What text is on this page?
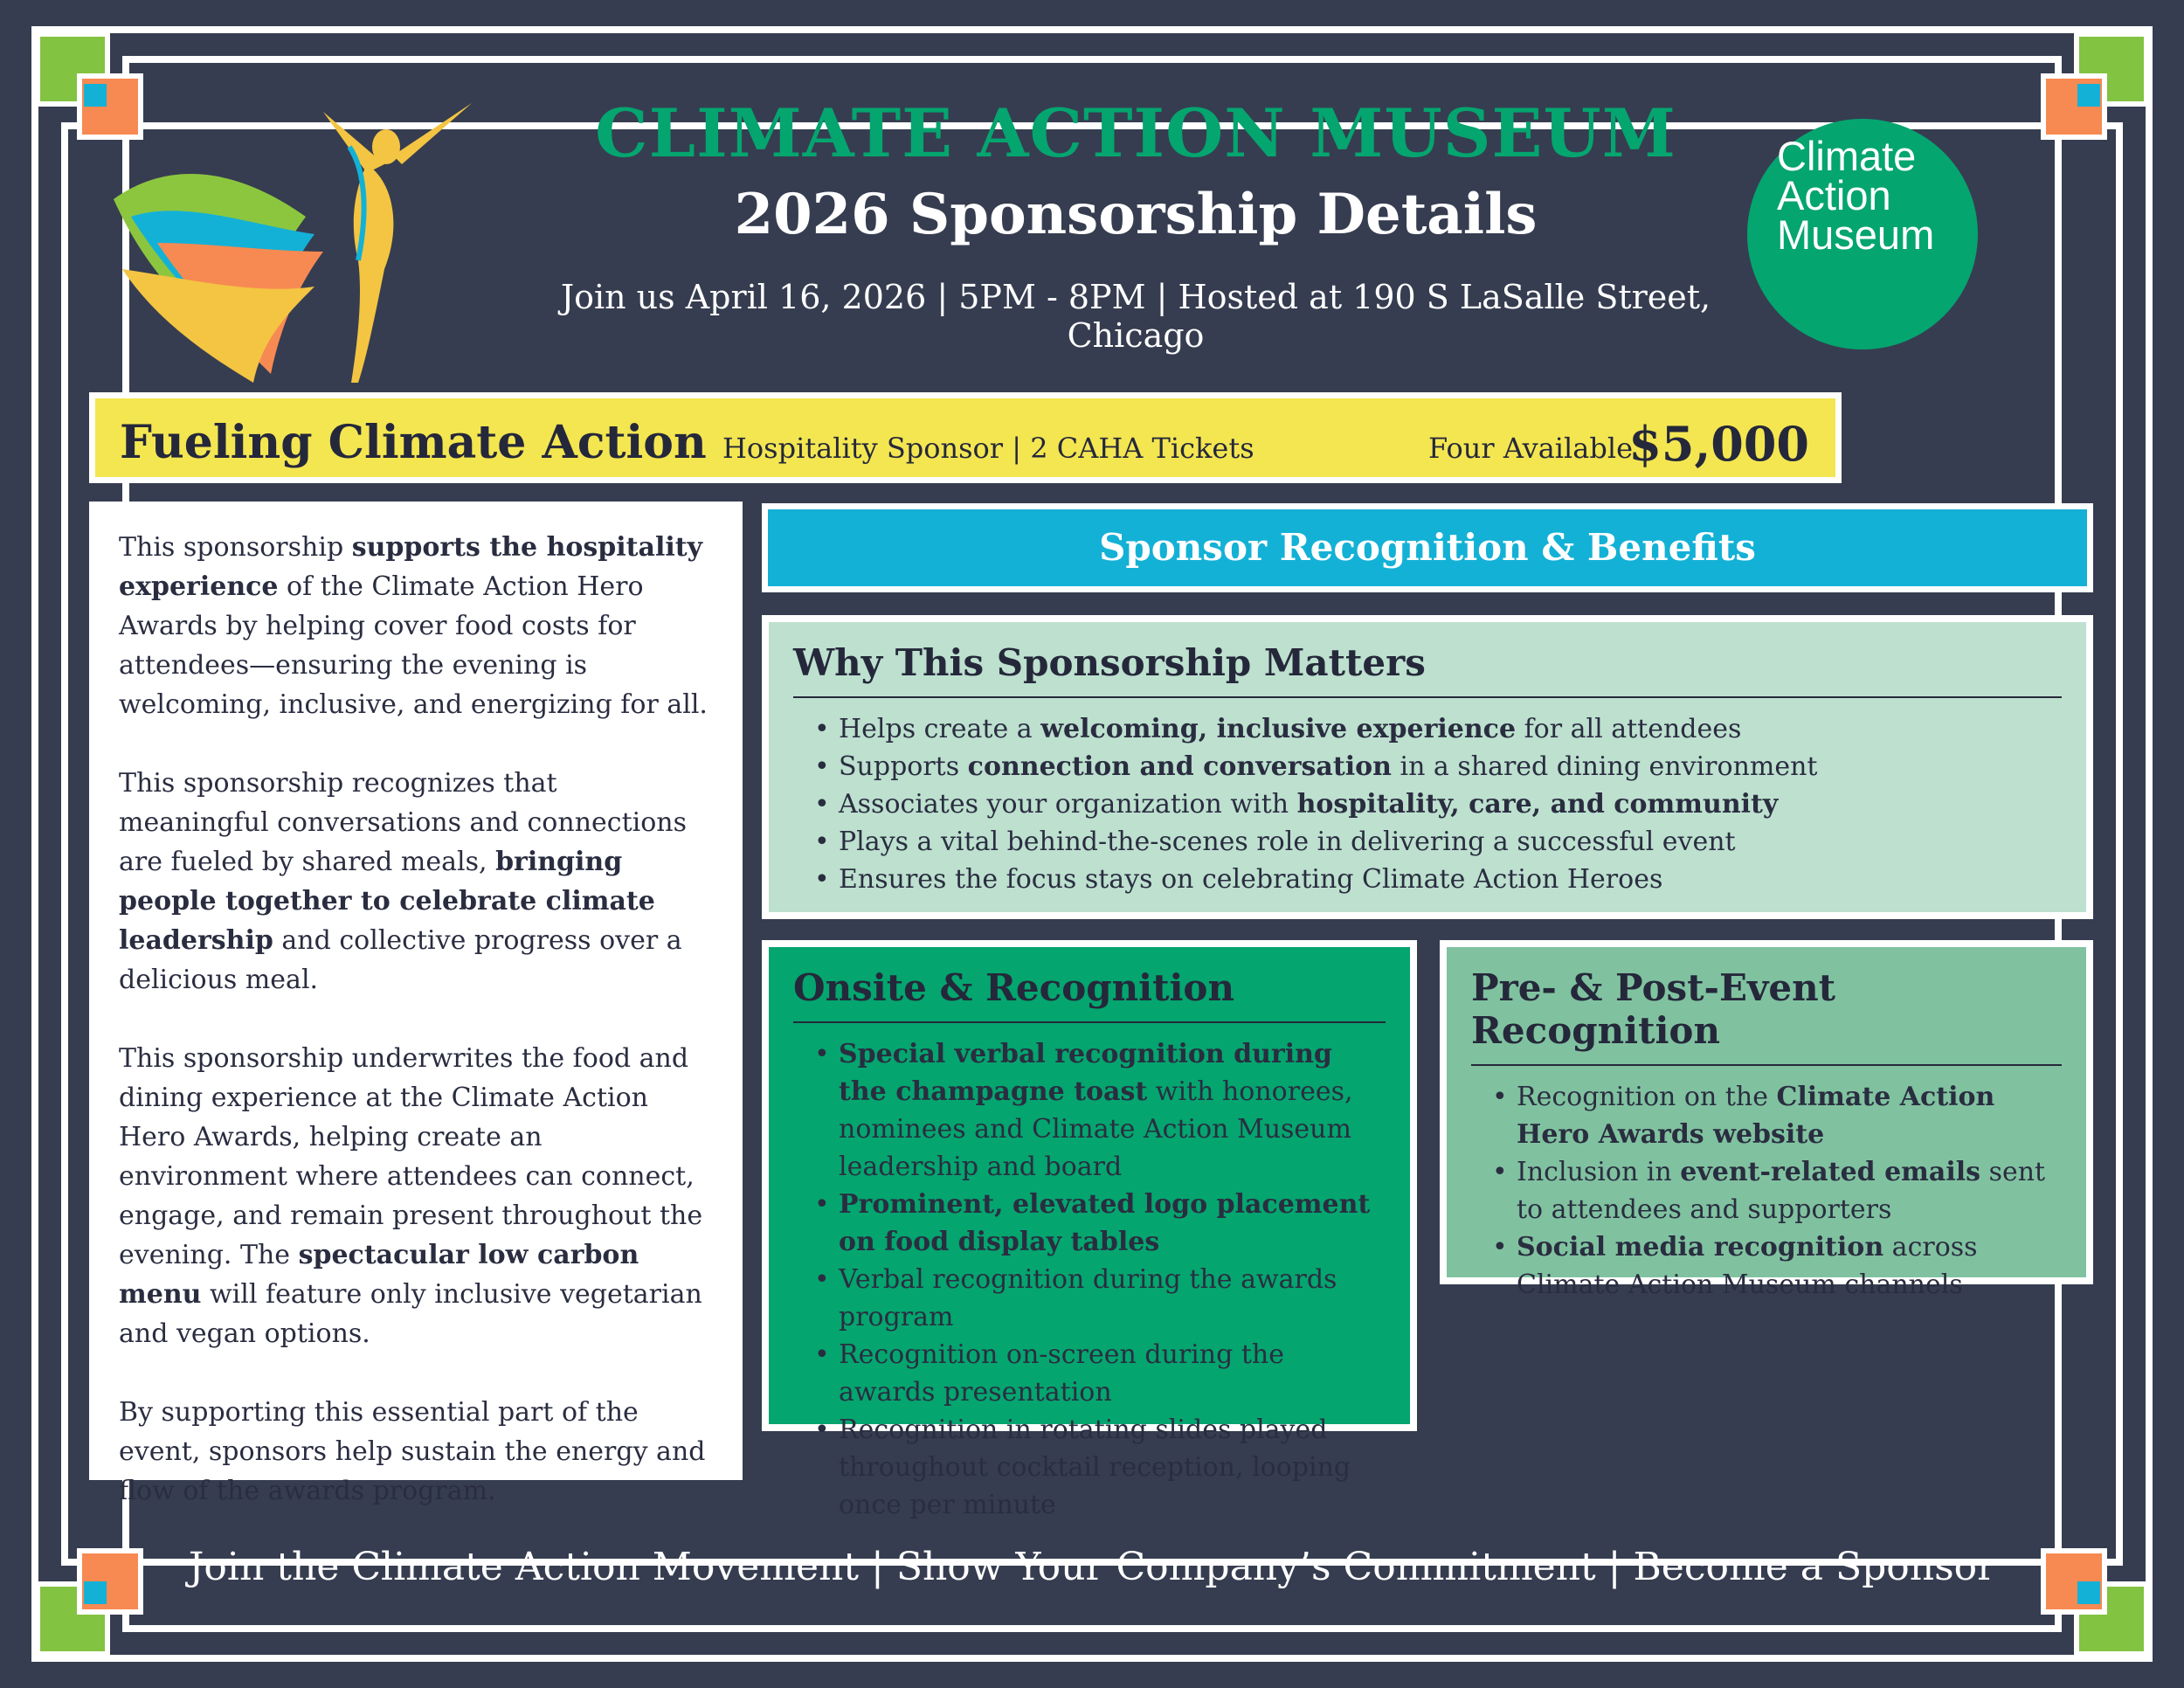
CLIMATE ACTION MUSEUM
2026 Sponsorship Details
Join us April 16, 2026 | 5PM - 8PM | Hosted at 190 S LaSalle Street, Chicago
Climate
Action
Museum
Fueling Climate Action Hospitality Sponsor | 2 CAHA Tickets	Four Available
$5,000

This sponsorship supports the hospitality experience of the Climate Action Hero Awards by helping cover food costs for attendees—ensuring the evening is welcoming, inclusive, and energizing for all.

This sponsorship recognizes that meaningful conversations and connections are fueled by shared meals, bringing people together to celebrate climate leadership and collective progress over a delicious meal.

This sponsorship underwrites the food and dining experience at the Climate Action Hero Awards, helping create an environment where attendees can connect, engage, and remain present throughout the evening. The spectacular low carbon menu will feature only inclusive vegetarian and vegan options.

By supporting this essential part of the event, sponsors help sustain the energy and flow of the awards program.

Sponsor Recognition & Benefits
Why This Sponsorship Matters
• Helps create a welcoming, inclusive experience for all attendees
• Supports connection and conversation in a shared dining environment
• Associates your organization with hospitality, care, and community
• Plays a vital behind-the-scenes role in delivering a successful event
• Ensures the focus stays on celebrating Climate Action Heroes
Onsite & Recognition
• Special verbal recognition during the champagne toast with honorees, nominees and Climate Action Museum leadership and board
• Prominent, elevated logo placement on food display tables
• Verbal recognition during the awards program
• Recognition on-screen during the awards presentation
• Recognition in rotating slides played throughout cocktail reception, looping once per minute
Pre- & Post-Event Recognition
• Recognition on the Climate Action Hero Awards website
• Inclusion in event-related emails sent to attendees and supporters
• Social media recognition across Climate Action Museum channels
Join the Climate Action Movement | Show Your Company’s Commitment | Become a Sponsor
